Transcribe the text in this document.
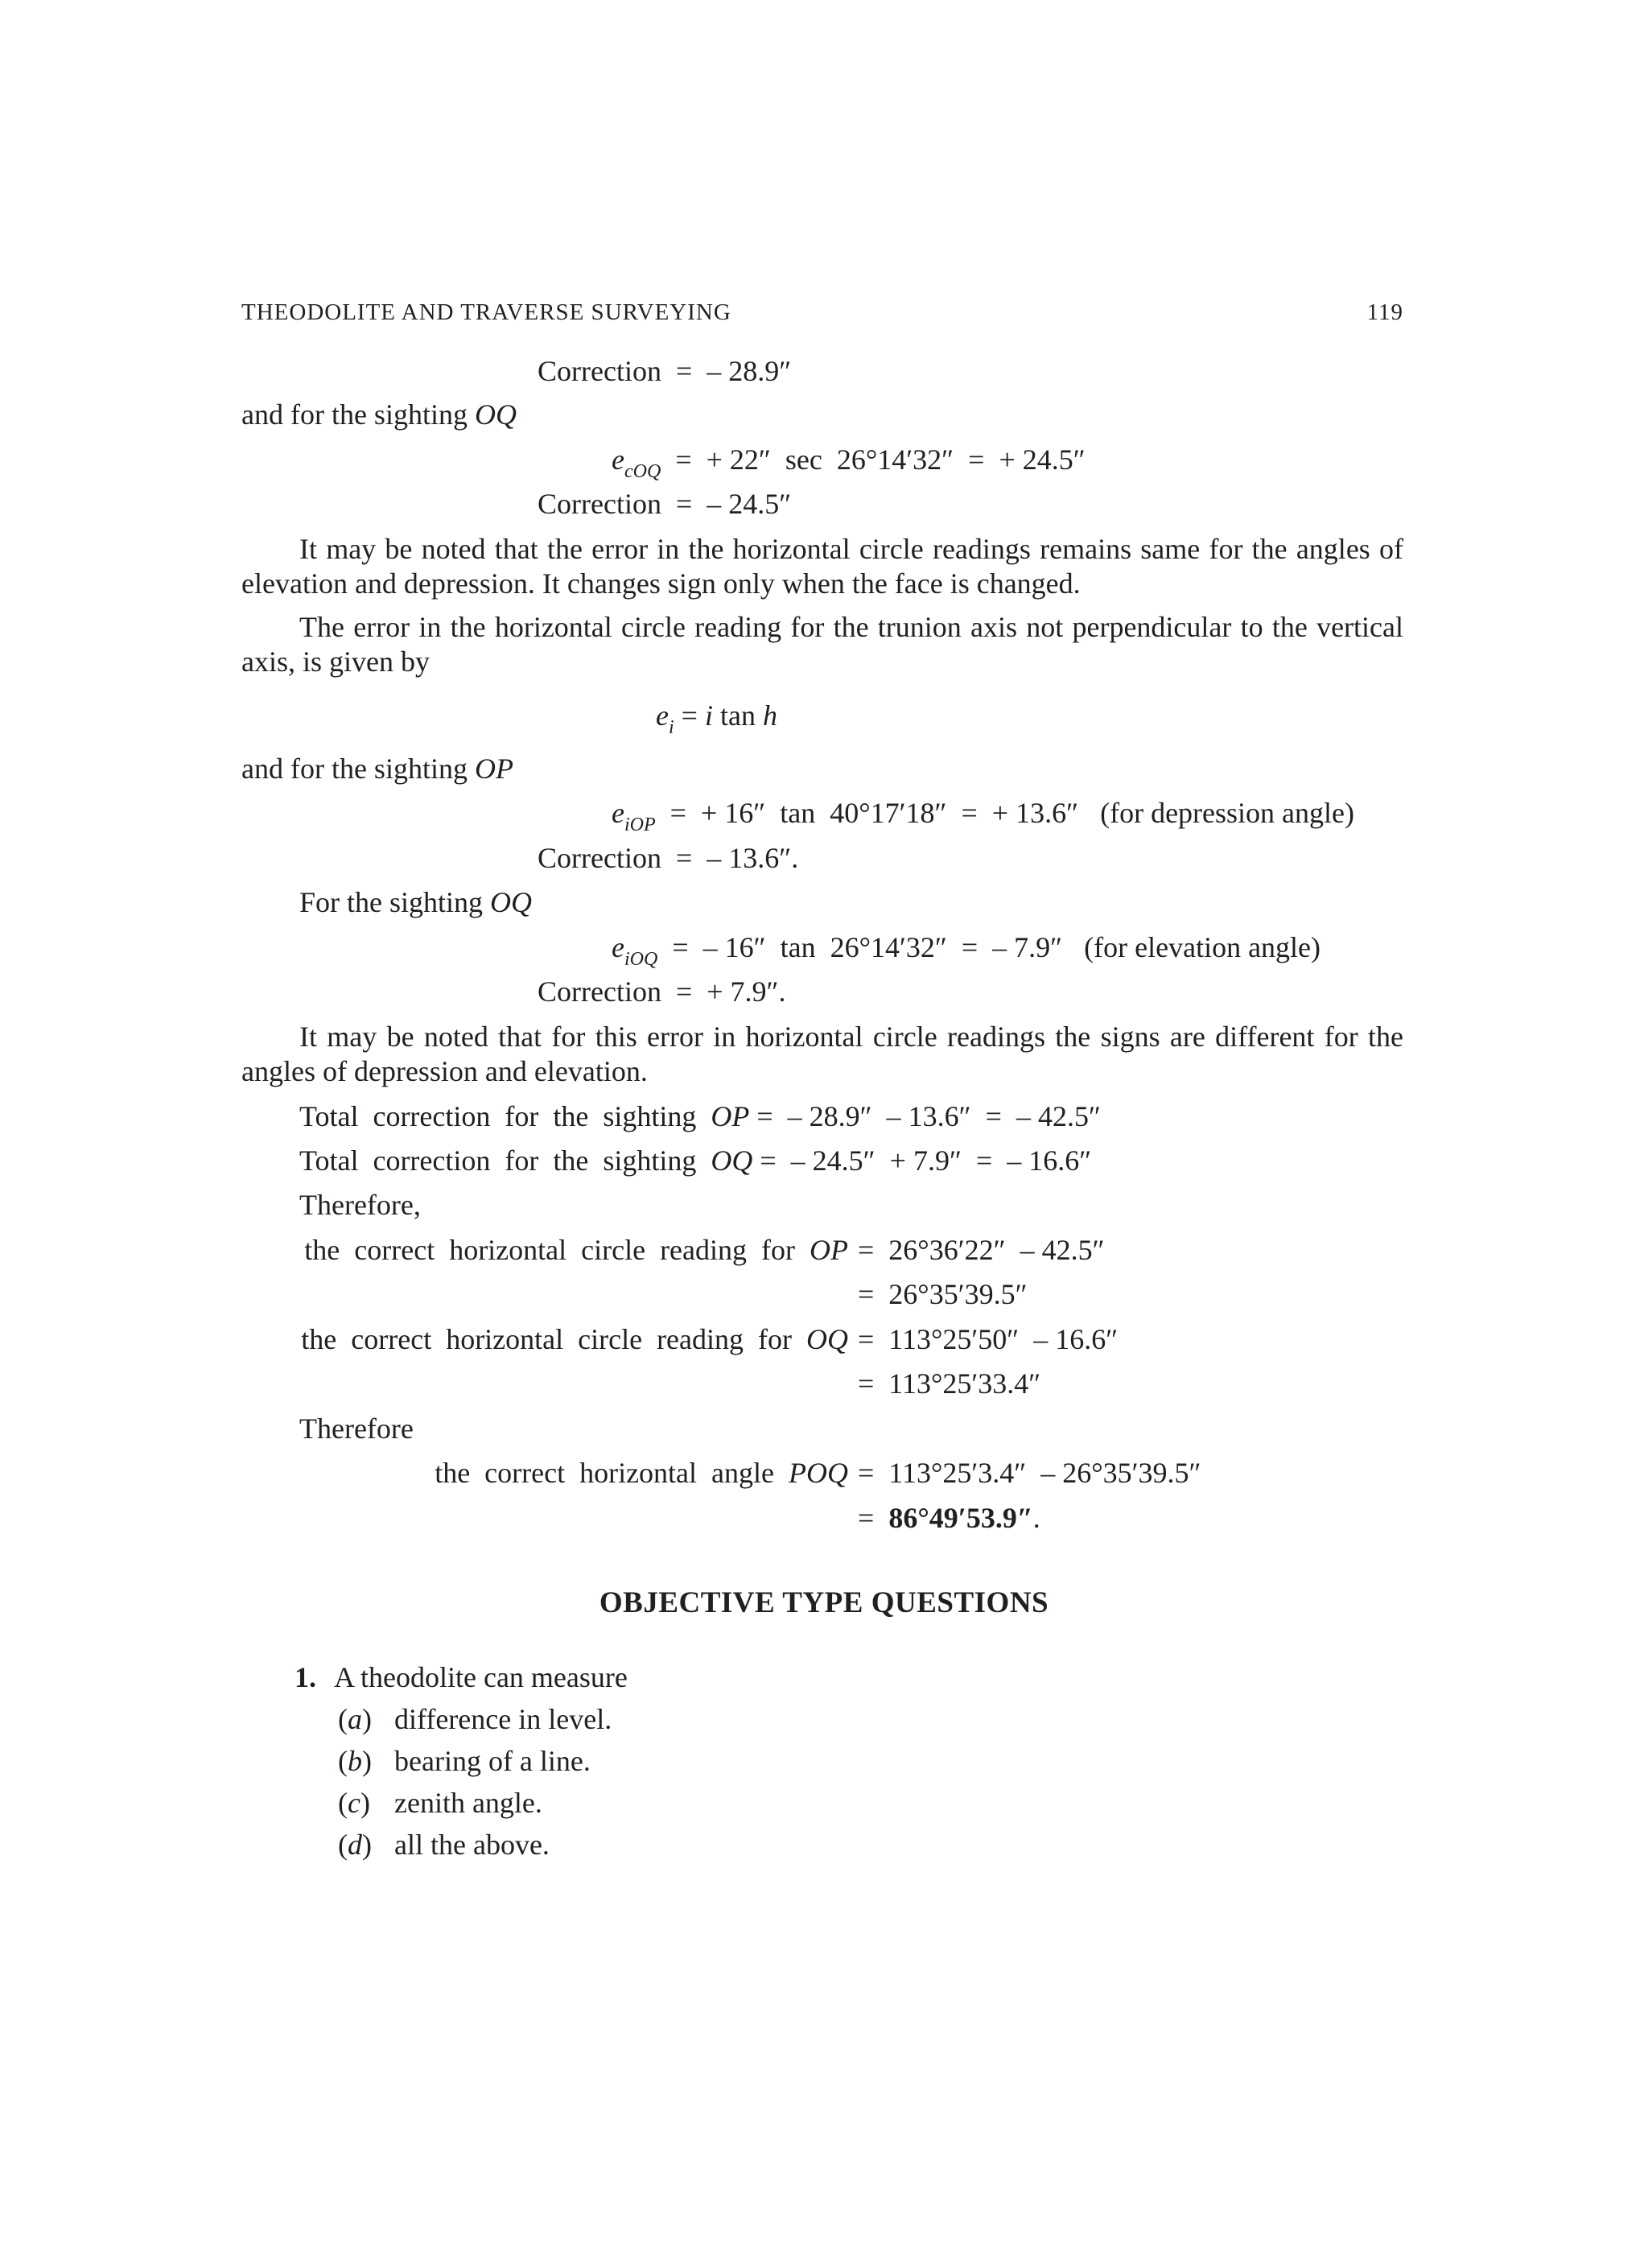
THEODOLITE AND TRAVERSE SURVEYING	119
Correction  =  – 28.9″
and for the sighting OQ
$e_{cOQ}$  =  + 22″  sec  26°14′32″  =  + 24.5″
Correction  =  – 24.5″
It may be noted that the error in the horizontal circle readings remains same for the angles of
elevation and depression. It changes sign only when the face is changed.
The error in the horizontal circle reading for the trunion axis not perpendicular to the vertical
axis, is given by
$e_i = i$ tan h
and for the sighting OP
$e_{iOP}$  =  + 16″  tan  40°17′18″  =  + 13.6″   (for depression angle)
Correction  =  – 13.6″.
For the sighting OQ
$e_{iOQ}$  =  – 16″  tan  26°14′32″  =  – 7.9″   (for elevation angle)
Correction  =  + 7.9″.
It may be noted that for this error in horizontal circle readings the signs are different for the
angles of depression and elevation.
Total  correction  for  the  sighting  OP =  – 28.9″  – 13.6″  =  – 42.5″
Total  correction  for  the  sighting  OQ =  – 24.5″  + 7.9″  =  – 16.6″
Therefore,
the  correct  horizontal  circle  reading  for  OP =  26°36′22″  – 42.5″
=  26°35′39.5″
the  correct  horizontal  circle  reading  for  OQ =  113°25′50″  – 16.6″
=  113°25′33.4″
Therefore
the  correct  horizontal  angle  POQ =  113°25′3.4″  – 26°35′39.5″
=  86°49′53.9″.
OBJECTIVE TYPE QUESTIONS
1. A theodolite can measure
(a) difference in level.
(b) bearing of a line.
(c) zenith angle.
(d) all the above.
